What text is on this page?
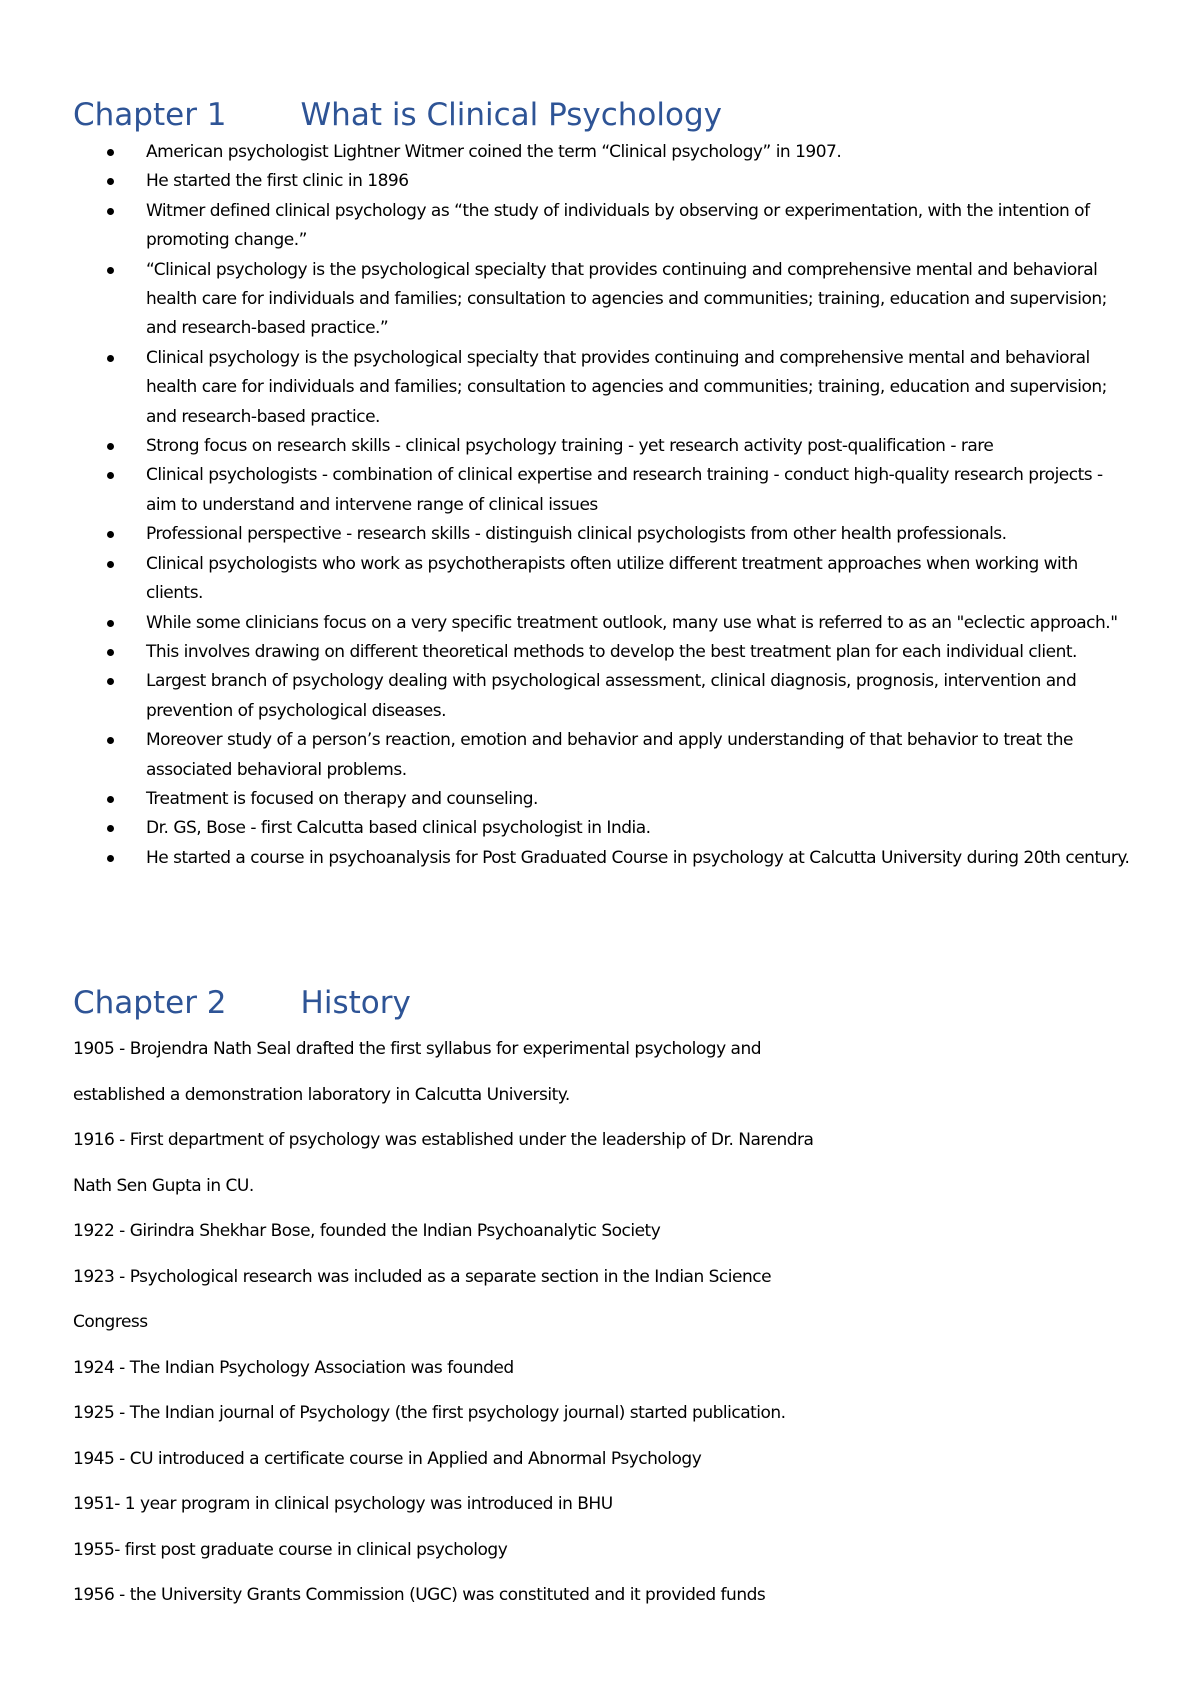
Chapter 1 What is Clinical Psychology
American psychologist Lightner Witmer coined the term “Clinical psychology” in 1907.
He started the first clinic in 1896
Witmer defined clinical psychology as “the study of individuals by observing or experimentation, with the intention of promoting change.”
“Clinical psychology is the psychological specialty that provides continuing and comprehensive mental and behavioral health care for individuals and families; consultation to agencies and communities; training, education and supervision; and research-based practice.”
Clinical psychology is the psychological specialty that provides continuing and comprehensive mental and behavioral health care for individuals and families; consultation to agencies and communities; training, education and supervision; and research-based practice.
Strong focus on research skills - clinical psychology training - yet research activity post-qualification - rare
Clinical psychologists - combination of clinical expertise and research training - conduct high-quality research projects - aim to understand and intervene range of clinical issues
Professional perspective - research skills - distinguish clinical psychologists from other health professionals.
Clinical psychologists who work as psychotherapists often utilize different treatment approaches when working with clients.
While some clinicians focus on a very specific treatment outlook, many use what is referred to as an "eclectic approach."
This involves drawing on different theoretical methods to develop the best treatment plan for each individual client.
Largest branch of psychology dealing with psychological assessment, clinical diagnosis, prognosis, intervention and prevention of psychological diseases.
Moreover study of a person’s reaction, emotion and behavior and apply understanding of that behavior to treat the associated behavioral problems.
Treatment is focused on therapy and counseling.
Dr. GS, Bose - first Calcutta based clinical psychologist in India.
He started a course in psychoanalysis for Post Graduated Course in psychology at Calcutta University during 20th century.
Chapter 2 History
1905 - Brojendra Nath Seal drafted the first syllabus for experimental psychology and
established a demonstration laboratory in Calcutta University.
1916 - First department of psychology was established under the leadership of Dr. Narendra
Nath Sen Gupta in CU.
1922 - Girindra Shekhar Bose, founded the Indian Psychoanalytic Society
1923 - Psychological research was included as a separate section in the Indian Science
Congress
1924 - The Indian Psychology Association was founded
1925 - The Indian journal of Psychology (the first psychology journal) started publication.
1945 - CU introduced a certificate course in Applied and Abnormal Psychology
1951- 1 year program in clinical psychology was introduced in BHU
1955- first post graduate course in clinical psychology
1956 - the University Grants Commission (UGC) was constituted and it provided funds
